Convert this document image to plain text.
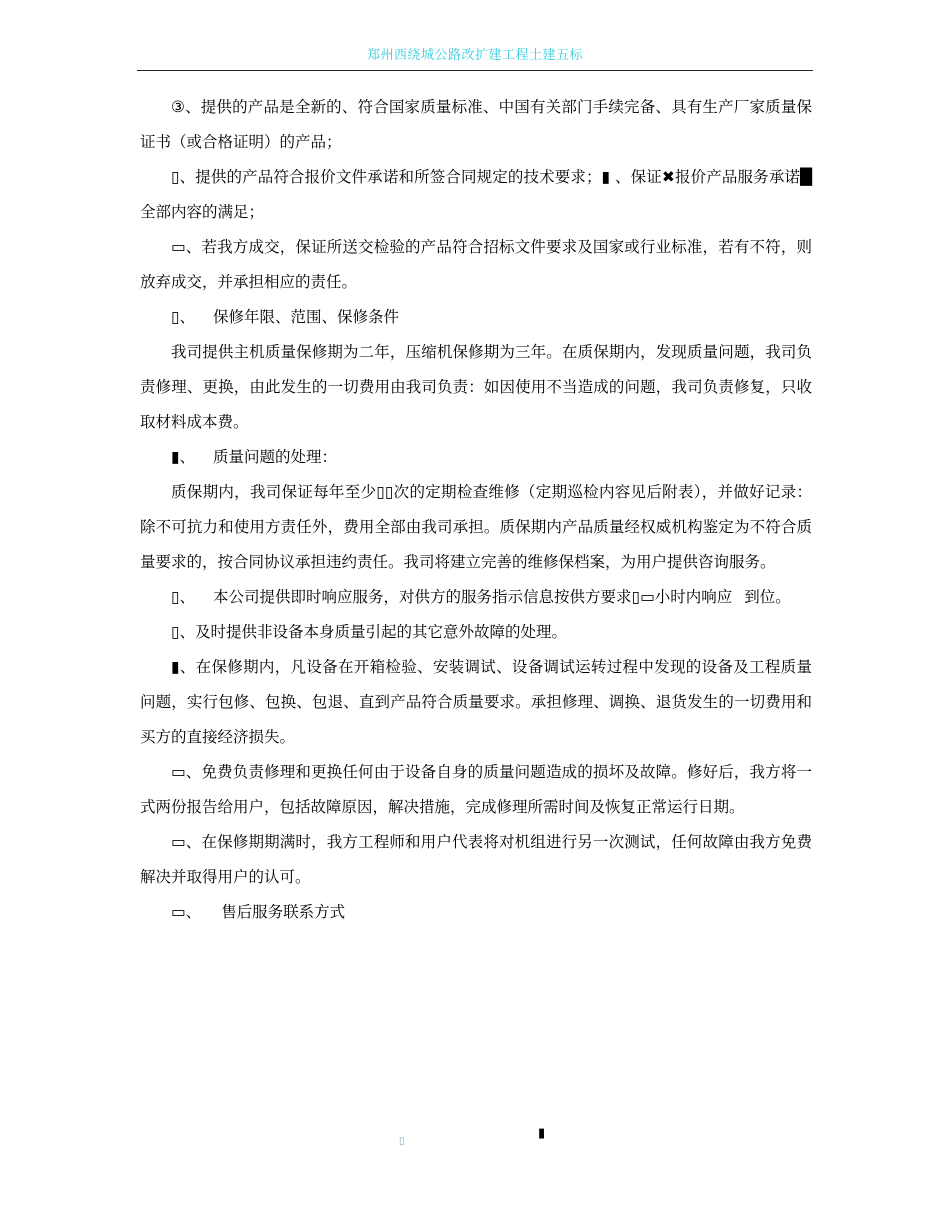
郑州西绕城公路改扩建工程土建五标

③、提供的产品是全新的、符合国家质量标准、中国有关部门手续完备、具有生产厂家质量保证书（或合格证明）的产品；

▯、提供的产品符合报价文件承诺和所签合同规定的技术要求；▮ 、保证✖报价产品服务承诺█全部内容的满足；

▭、若我方成交，保证所送交检验的产品符合招标文件要求及国家或行业标准，若有不符，则放弃成交，并承担相应的责任。

▯、 保修年限、范围、保修条件

我司提供主机质量保修期为二年，压缩机保修期为三年。在质保期内，发现质量问题，我司负责修理、更换，由此发生的一切费用由我司负责：如因使用不当造成的问题，我司负责修复，只收取材料成本费。

▮、 质量问题的处理：

质保期内，我司保证每年至少▯▯次的定期检查维修（定期巡检内容见后附表），并做好记录：除不可抗力和使用方责任外，费用全部由我司承担。质保期内产品质量经权威机构鉴定为不符合质量要求的，按合同协议承担违约责任。我司将建立完善的维修保档案，为用户提供咨询服务。

▯、 本公司提供即时响应服务，对供方的服务指示信息按供方要求▯▭小时内响应 到位。

▯、及时提供非设备本身质量引起的其它意外故障的处理。

▮、在保修期内，凡设备在开箱检验、安装调试、设备调试运转过程中发现的设备及工程质量问题，实行包修、包换、包退、直到产品符合质量要求。承担修理、调换、退货发生的一切费用和买方的直接经济损失。

▭、免费负责修理和更换任何由于设备自身的质量问题造成的损坏及故障。修好后，我方将一式两份报告给用户，包括故障原因，解决措施，完成修理所需时间及恢复正常运行日期。

▭、在保修期期满时，我方工程师和用户代表将对机组进行另一次测试，任何故障由我方免费解决并取得用户的认可。

▭、 售后服务联系方式

▯
▮
